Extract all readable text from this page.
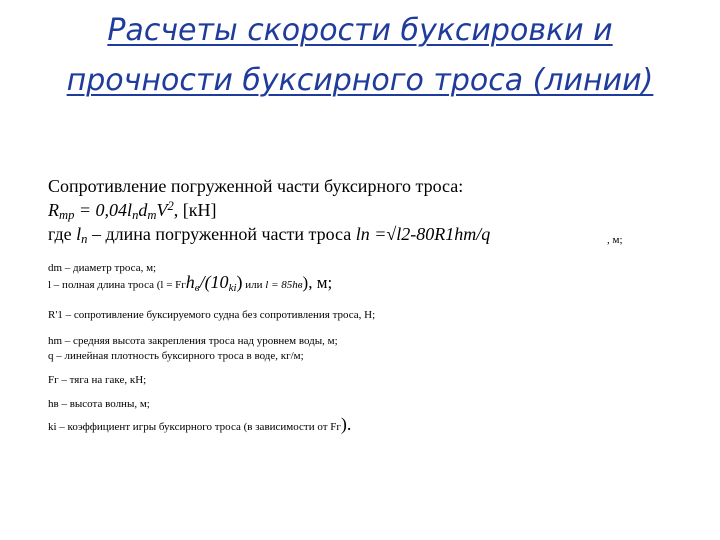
Расчеты скорости буксировки и
прочности буксирного троса (линии)
Сопротивление погруженной части буксирного троса:
$R_{тр} = 0,04l_пd_тV^2$, [кН]
где $l_п$ – длина погруженной части троса ln =√l2-80R1hm/q	, м;
dm – диаметр троса, м;
l – полная длина троса ($l = Fгh_в/(10_{ki})$ или l = 85hв), м;
R'1 – сопротивление буксируемого судна без сопротивления троса, Н;
hm – средняя высота закрепления троса над уровнем воды, м;
q – линейная плотность буксирного троса в воде, кг/м;
Fг – тяга на гаке, кН;
hв – высота волны, м;
ki – коэффициент игры буксирного троса (в зависимости от Fг).
